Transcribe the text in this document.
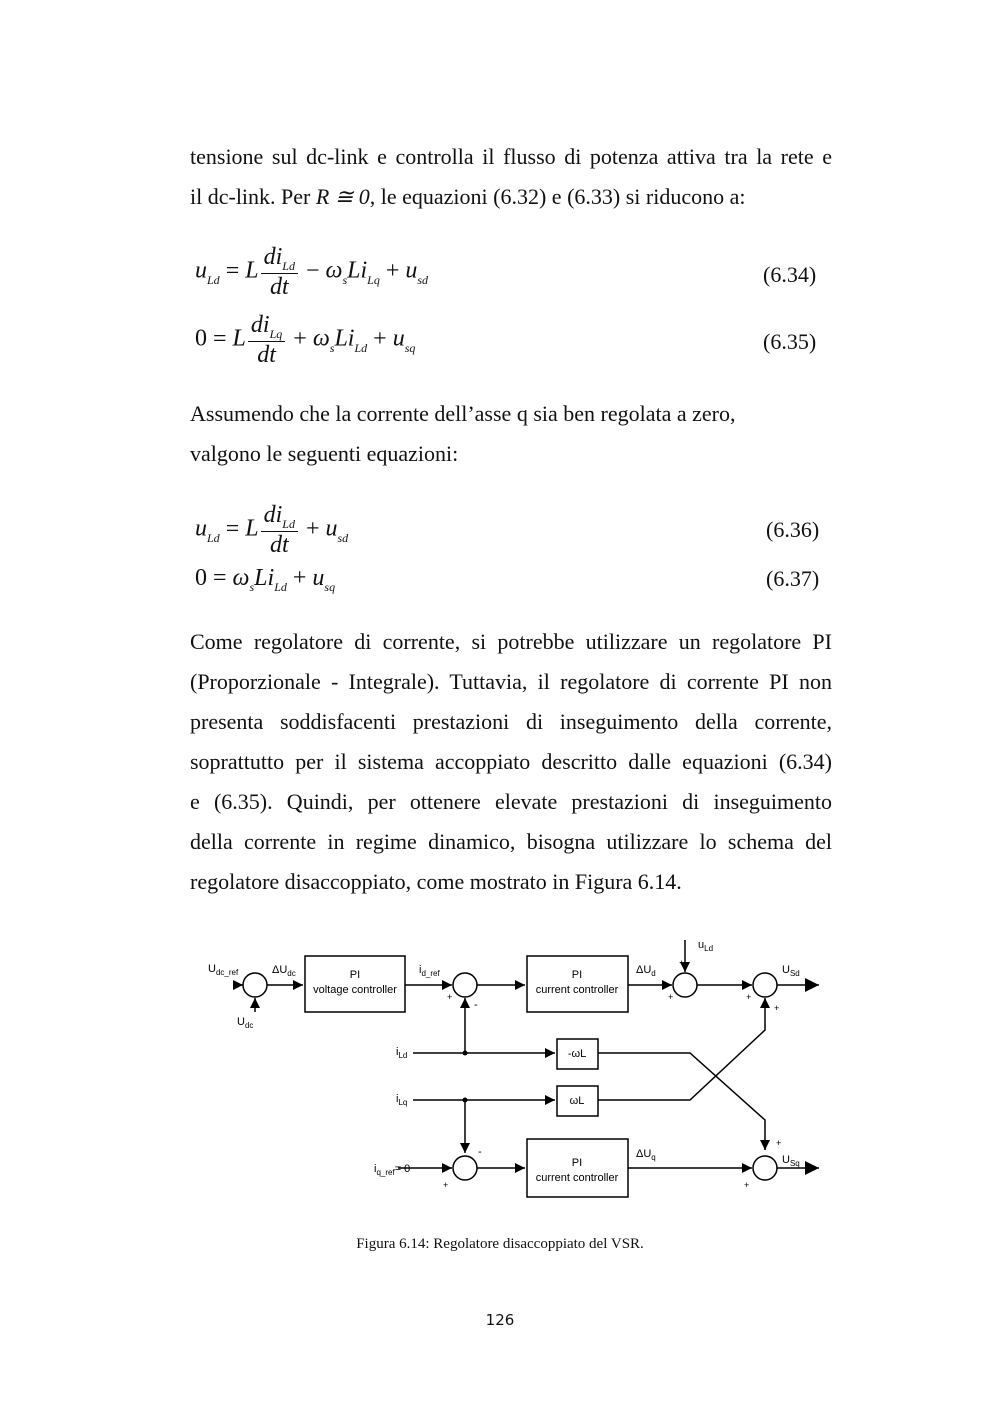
tensione sul dc-link e controlla il flusso di potenza attiva tra la rete e
il dc-link. Per R ≅ 0, le equazioni (6.32) e (6.33) si riducono a:
$u_{Ld} = L \frac{di_{Ld}}{dt} - \omega_sLi_{Lq} + u_{sd}$	(6.34)
0 = L $\frac{di_{Lq}}{dt} + \omega_sLi_{Ld} + u_{sq}$	(6.35)
Assumendo che la corrente dell’asse q sia ben regolata a zero,
valgono le seguenti equazioni:
$u_{Ld} = L \frac{di_{Ld}}{dt} + u_{sd}$	(6.36)
$0 = \omega_sLi_{Ld} + u_{sq}$	(6.37)
Come regolatore di corrente, si potrebbe utilizzare un regolatore PI
(Proporzionale - Integrale). Tuttavia, il regolatore di corrente PI non
presenta soddisfacenti prestazioni di inseguimento della corrente,
soprattutto per il sistema accoppiato descritto dalle equazioni (6.34)
e (6.35). Quindi, per ottenere elevate prestazioni di inseguimento
della corrente in regime dinamico, bisogna utilizzare lo schema del
regolatore disaccoppiato, come mostrato in Figura 6.14.
$U_{dc\_ref}$
$U_{dc}$
$\Delta U_{dc}$	$i_{d\_ref}$
+
-
$\Delta U_d$
$u_{Ld}$
+
+
$U_{Sd}$
+
+
$i_{Ld}$
$i_{Lq}$
-
$i_{q\_ref}= 0$
+
$\Delta U_q$
+
$U_{Sq}$
+
PI
voltage controller
PI
current controller
PI
current controller
-ωL
ωL
Figura 6.14: Regolatore disaccoppiato del VSR.
126
